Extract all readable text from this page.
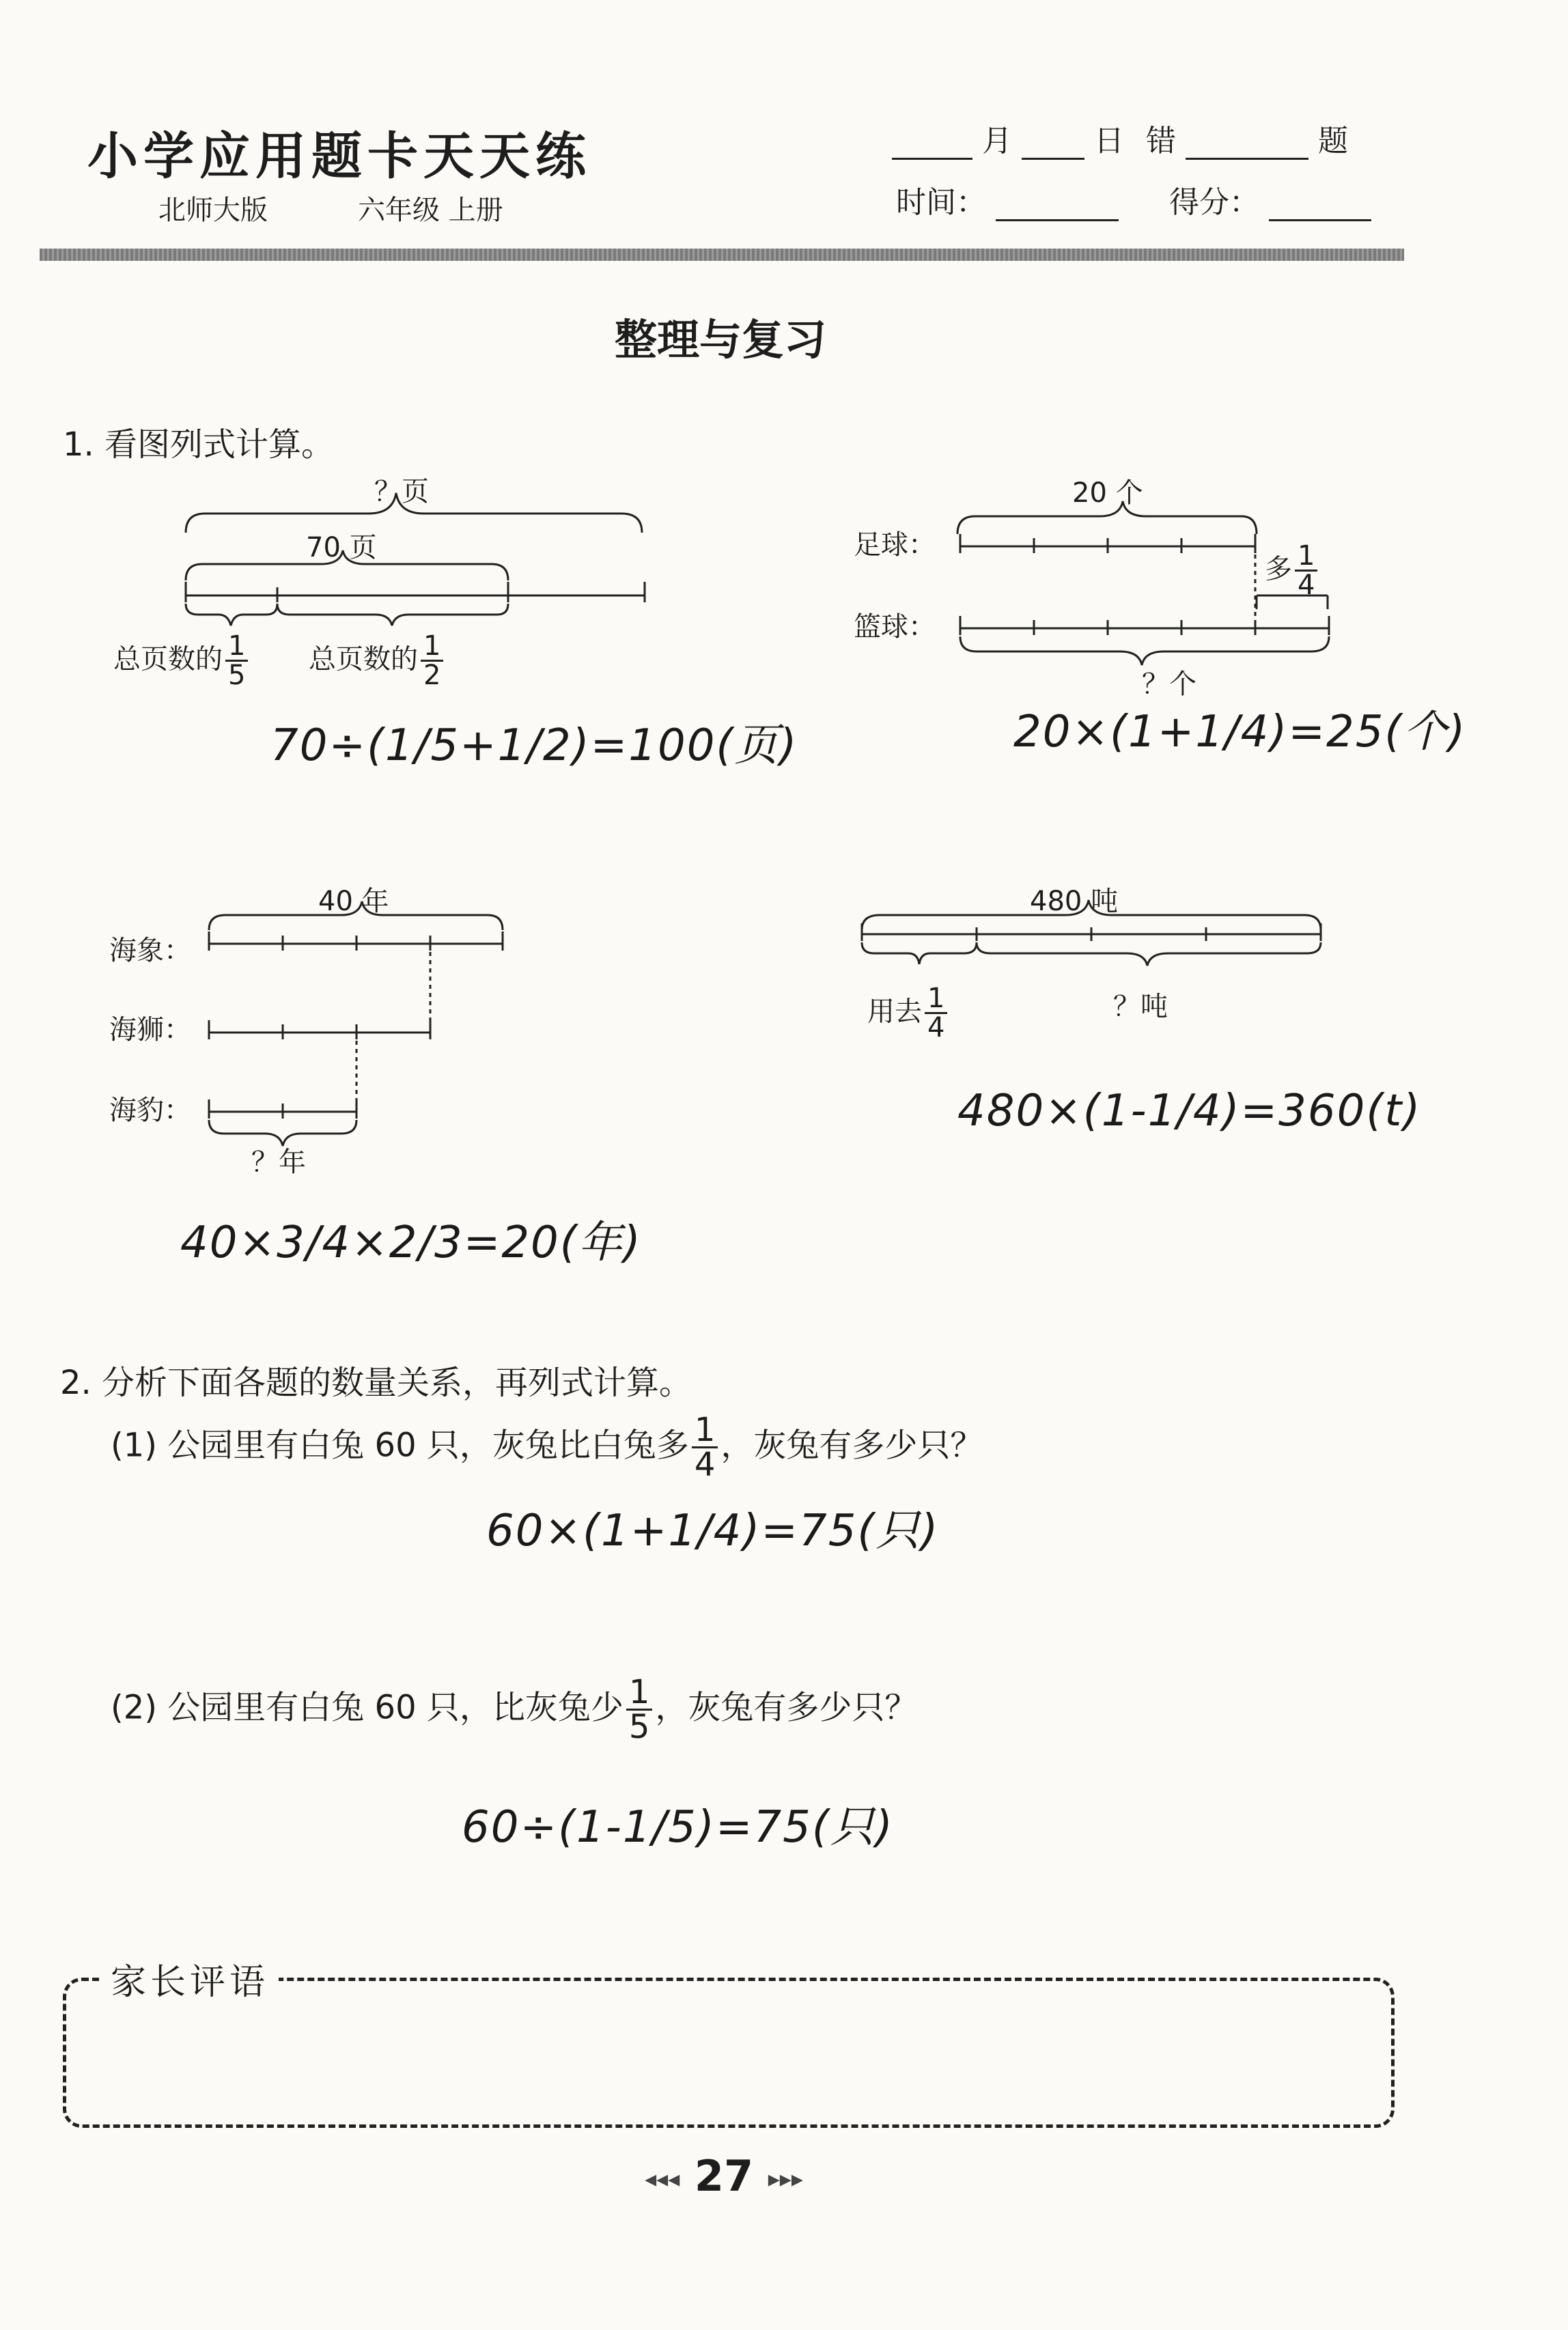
小学应用题卡天天练
北师大版	六年级 上册
月	日 错	题
时间：	得分：
整理与复习
1. 看图列式计算。
？页
70 页
总页数的 $\frac{1}{5}$ 总页数的 $\frac{1}{2}$
70÷(1/5+1/2)=100(页)
20 个
足球：
篮球：
多 $\frac{1}{4}$
？个
20×(1+1/4)=25(个)
40 年
海象：
海狮：
海豹：
？年
40×3/4×2/3=20(年)
480 吨
用去 $\frac{1}{4}$	？吨
480×(1-1/4)=360(t)
2. 分析下面各题的数量关系，再列式计算。
(1) 公园里有白兔 60 只，灰兔比白兔多 $\frac{1}{4}$ ，灰兔有多少只？
60×(1+1/4)=75(只)
(2) 公园里有白兔 60 只，比灰兔少 $\frac{1}{5}$ ，灰兔有多少只？
60÷(1-1/5)=75(只)
家长评语
◂◂◂ 27 ▸▸▸
